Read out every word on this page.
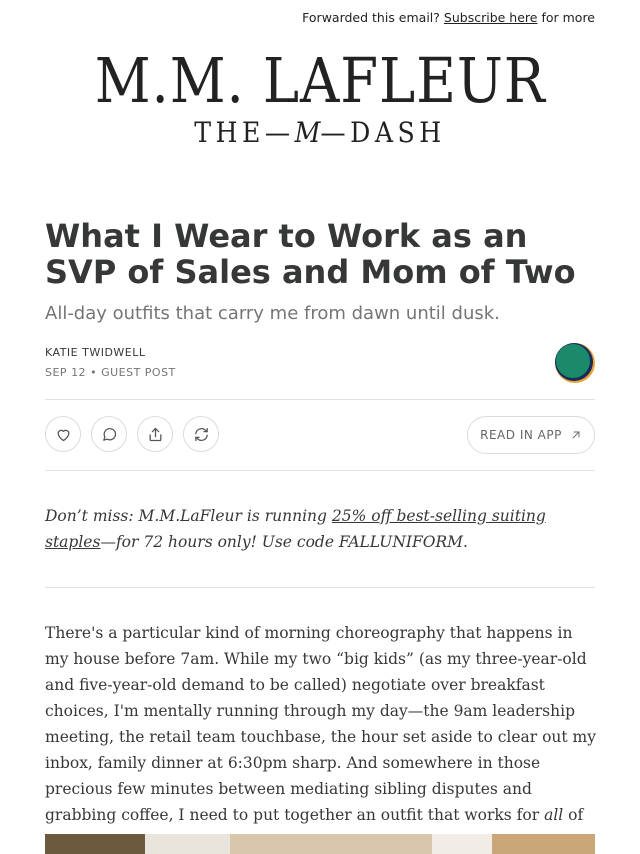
Forwarded this email? Subscribe here for more
M.M. LAFLEUR
THE—M—DASH
What I Wear to Work as an SVP of Sales and Mom of Two

All-day outfits that carry me from dawn until dusk.

KATIE TWIDWELL
SEP 12 • GUEST POST
READ IN APP

Don’t miss: M.M.LaFleur is running 25% off best-selling suiting staples—for 72 hours only! Use code FALLUNIFORM.

There's a particular kind of morning choreography that happens in my house before 7am. While my two “big kids” (as my three-year-old and five-year-old demand to be called) negotiate over breakfast choices, I'm mentally running through my day—the 9am leadership meeting, the retail team touchbase, the hour set aside to clear out my inbox, family dinner at 6:30pm sharp. And somewhere in those precious few minutes between mediating sibling disputes and grabbing coffee, I need to put together an outfit that works for all of
